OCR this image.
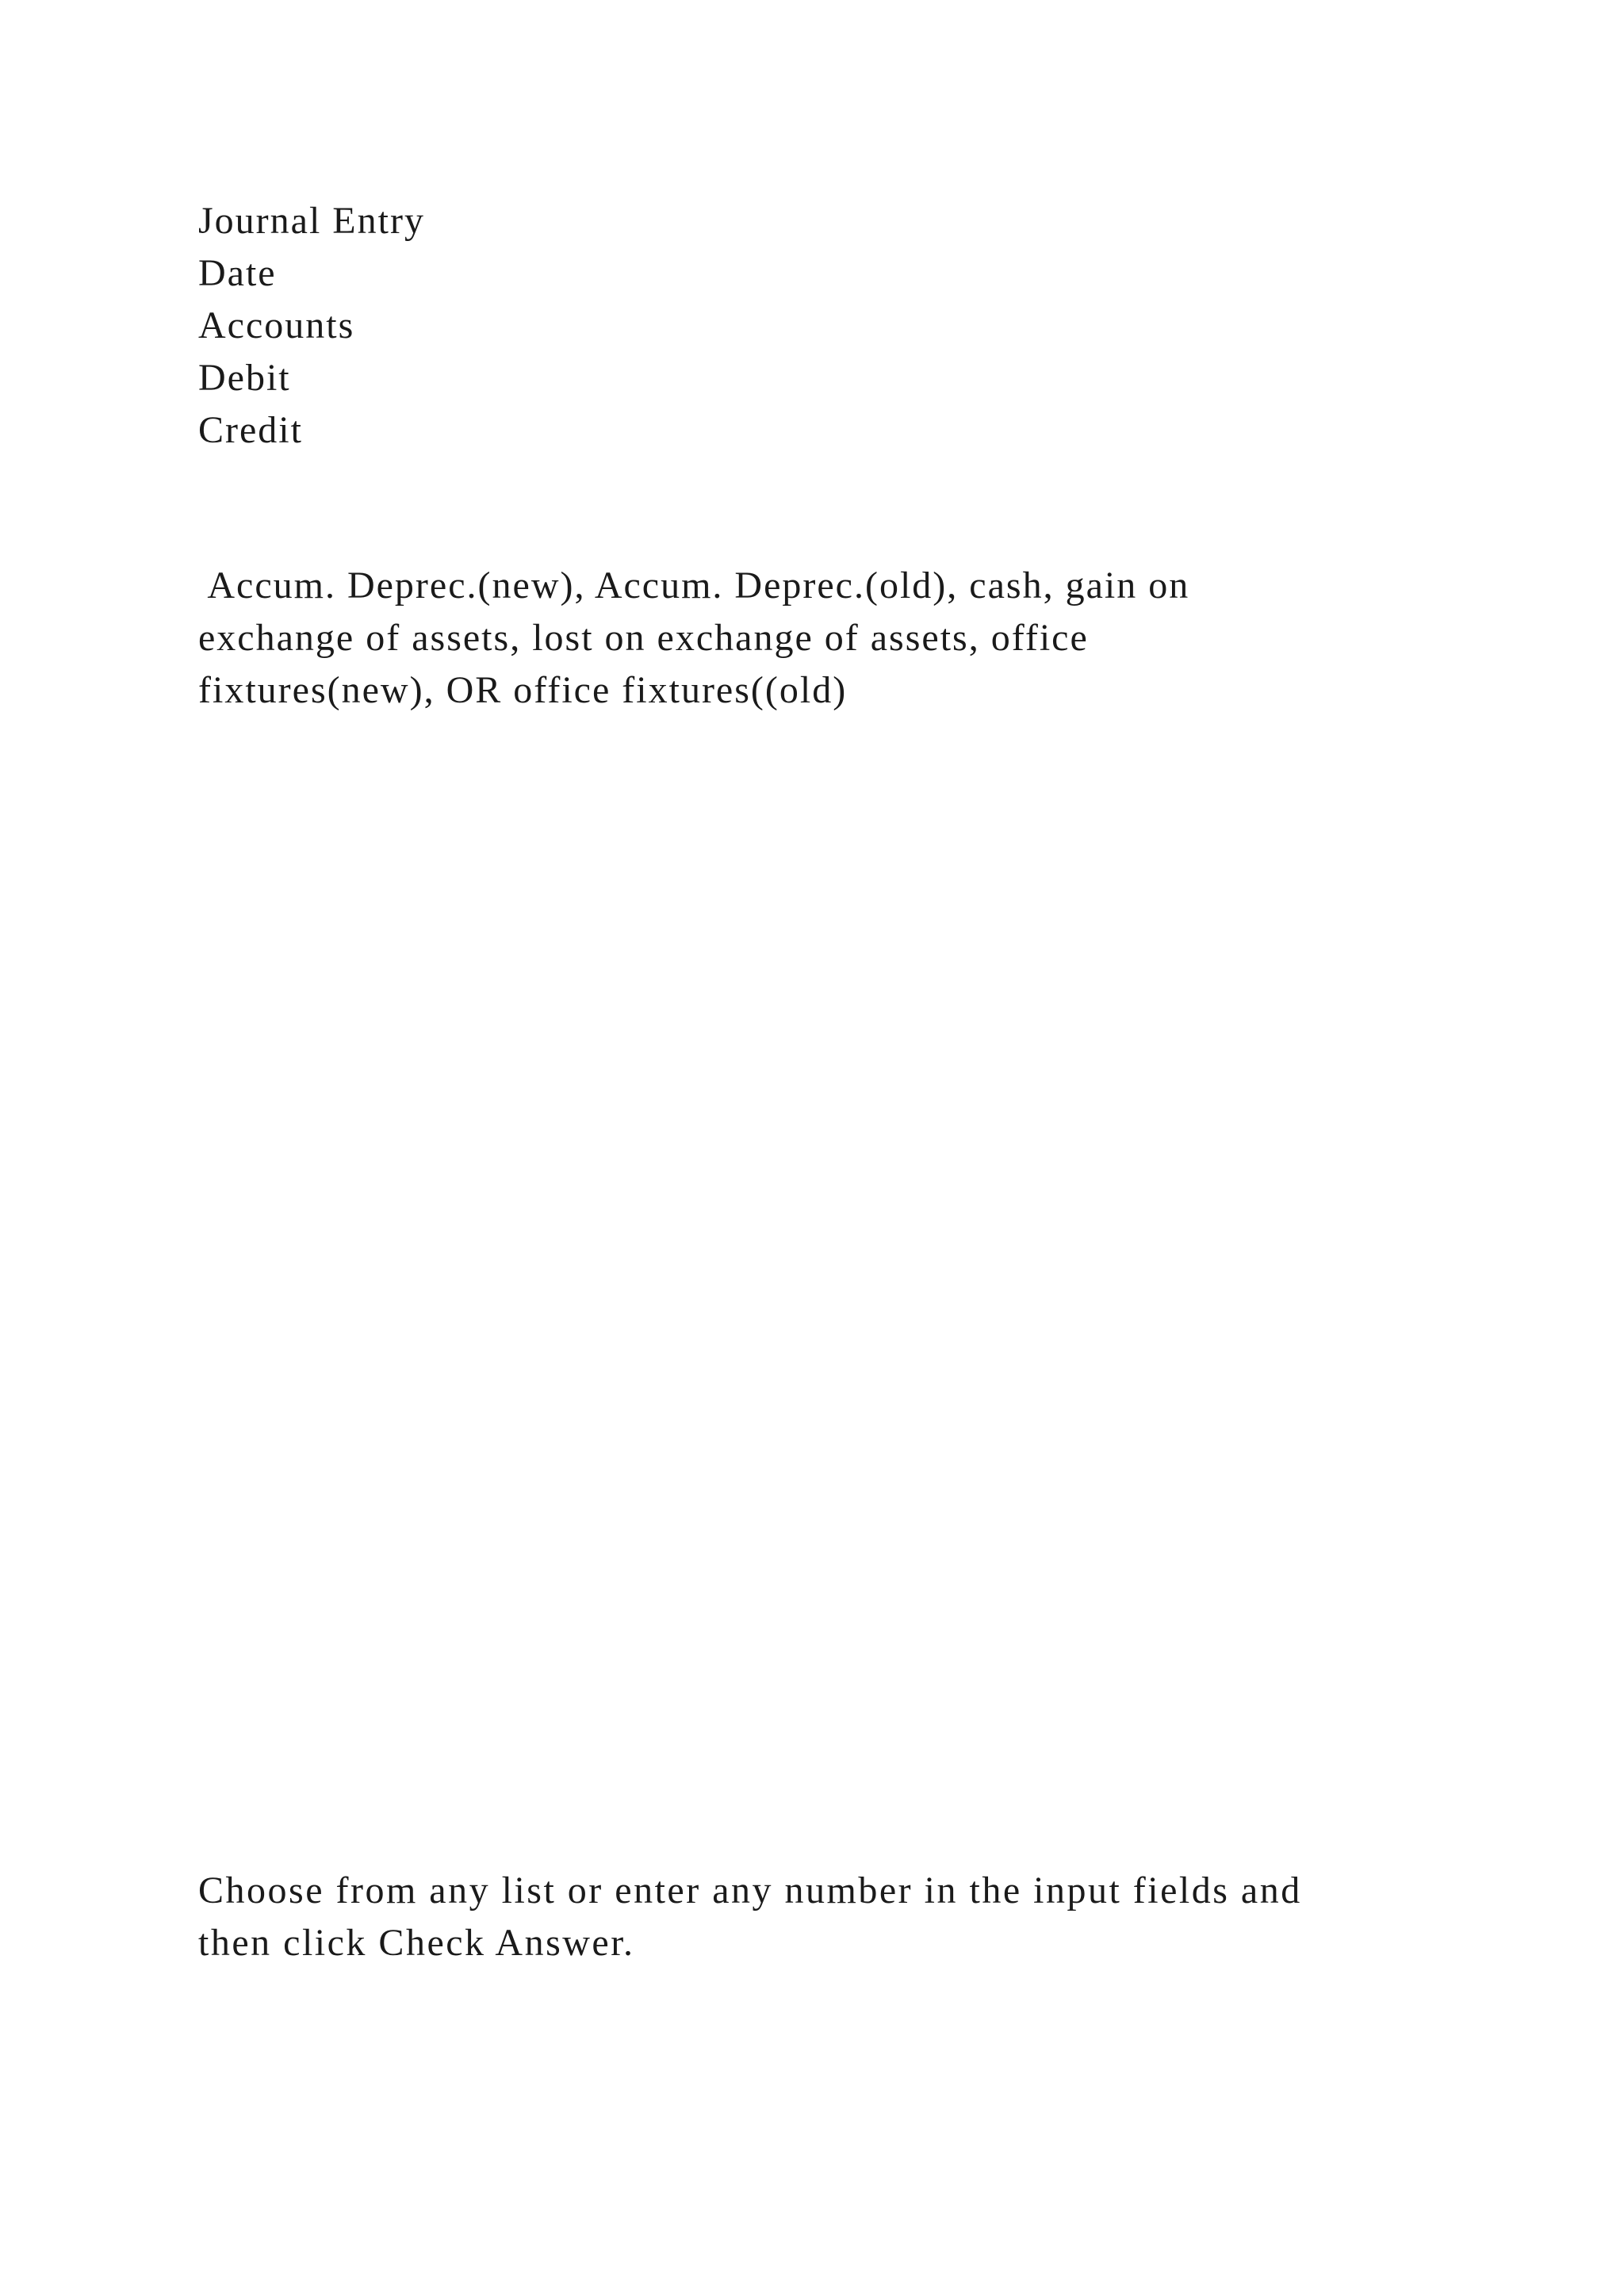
Journal Entry
Date
Accounts
Debit
Credit
Accum. Deprec.(new), Accum. Deprec.(old), cash, gain on
exchange of assets, lost on exchange of assets, office
fixtures(new), OR office fixtures((old)
Choose from any list or enter any number in the input fields and
then click Check Answer.
